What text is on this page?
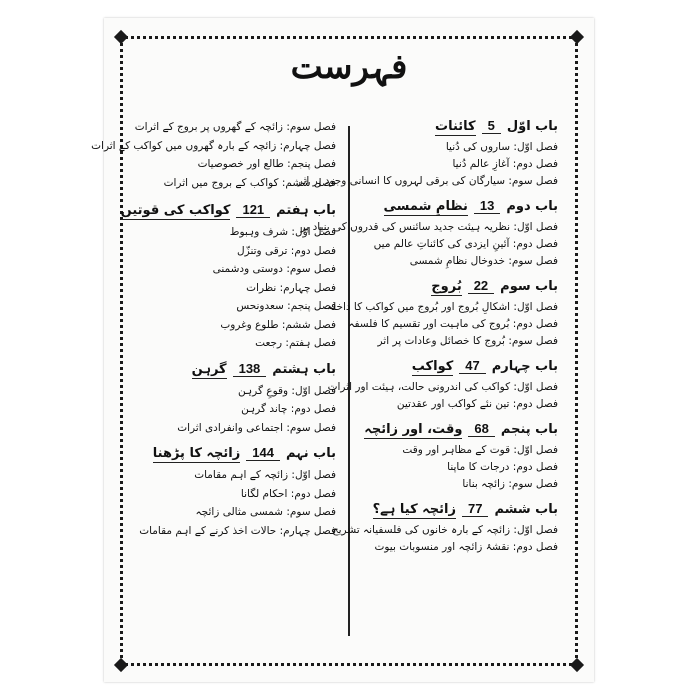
فہرست
باب اوّل
5
کائنات
فصل اوّل: ساروں کی دُنیا
فصل دوم: آغازِ عالم دُنیا
فصل سوم: سیارگان کی برقی لہروں کا انسانی وجود پر اثر
باب دوم
13
نظامِ شمسی
فصل اوّل: نظریہ ہیئت جدید سائنس کی قدروں کی بنیاد پر
فصل دوم: آئینِ ایزدی کی کائناتِ عالم میں
فصل سوم: خدوخال نظامِ شمسی
باب سوم
22
بُروج
فصل اوّل: اشکالِ بُروج اور بُروج میں کواکب کا داخلہ
فصل دوم: بُروج کی ماہیت اور تقسیم کا فلسفہ
فصل سوم: بُروج کا خصائل وعادات پر اثر
باب چہارم
47
کواکب
فصل اوّل: کواکب کی اندرونی حالت، ہیئت اور اثرات
فصل دوم: تین نئے کواکب اور عقدتین
باب پنجم
68
وقت، اور زائچہ
فصل اوّل: قوت کے مظاہر اور وقت
فصل دوم: درجات کا ماپنا
فصل سوم: زائچہ بنانا
باب ششم
77
زائچہ کیا ہے؟
فصل اوّل: زائچہ کے بارہ خانوں کی فلسفیانہ تشریح
فصل دوم: نقشۂ زائچہ اور منسوبات بیوت
فصل سوم: زائچہ کے گھروں پر بروج کے اثرات
فصل چہارم: زائچہ کے بارہ گھروں میں کواکب کے اثرات
فصل پنجم: طالع اور خصوصیات
فصل ششم: کواکب کے بروج میں اثرات
باب ہفتم
121
کواکب کی قوتیں
فصل اوّل: شرف وہبوط
فصل دوم: ترقی وتنزّل
فصل سوم: دوستی ودشمنی
فصل چہارم: نظرات
فصل پنجم: سعدونحس
فصل ششم: طلوع وغروب
فصل ہفتم: رجعت
باب ہشتم
138
گرہن
فصل اوّل: وقوعِ گرہن
فصل دوم: چاند گرہن
فصل سوم: اجتماعی وانفرادی اثرات
باب نہم
144
زائچہ کا پڑھنا
فصل اوّل: زائچہ کے اہم مقامات
فصل دوم: احکام لگانا
فصل سوم: شمسی مثالی زائچہ
فصل چہارم: حالات اخذ کرنے کے اہم مقامات
